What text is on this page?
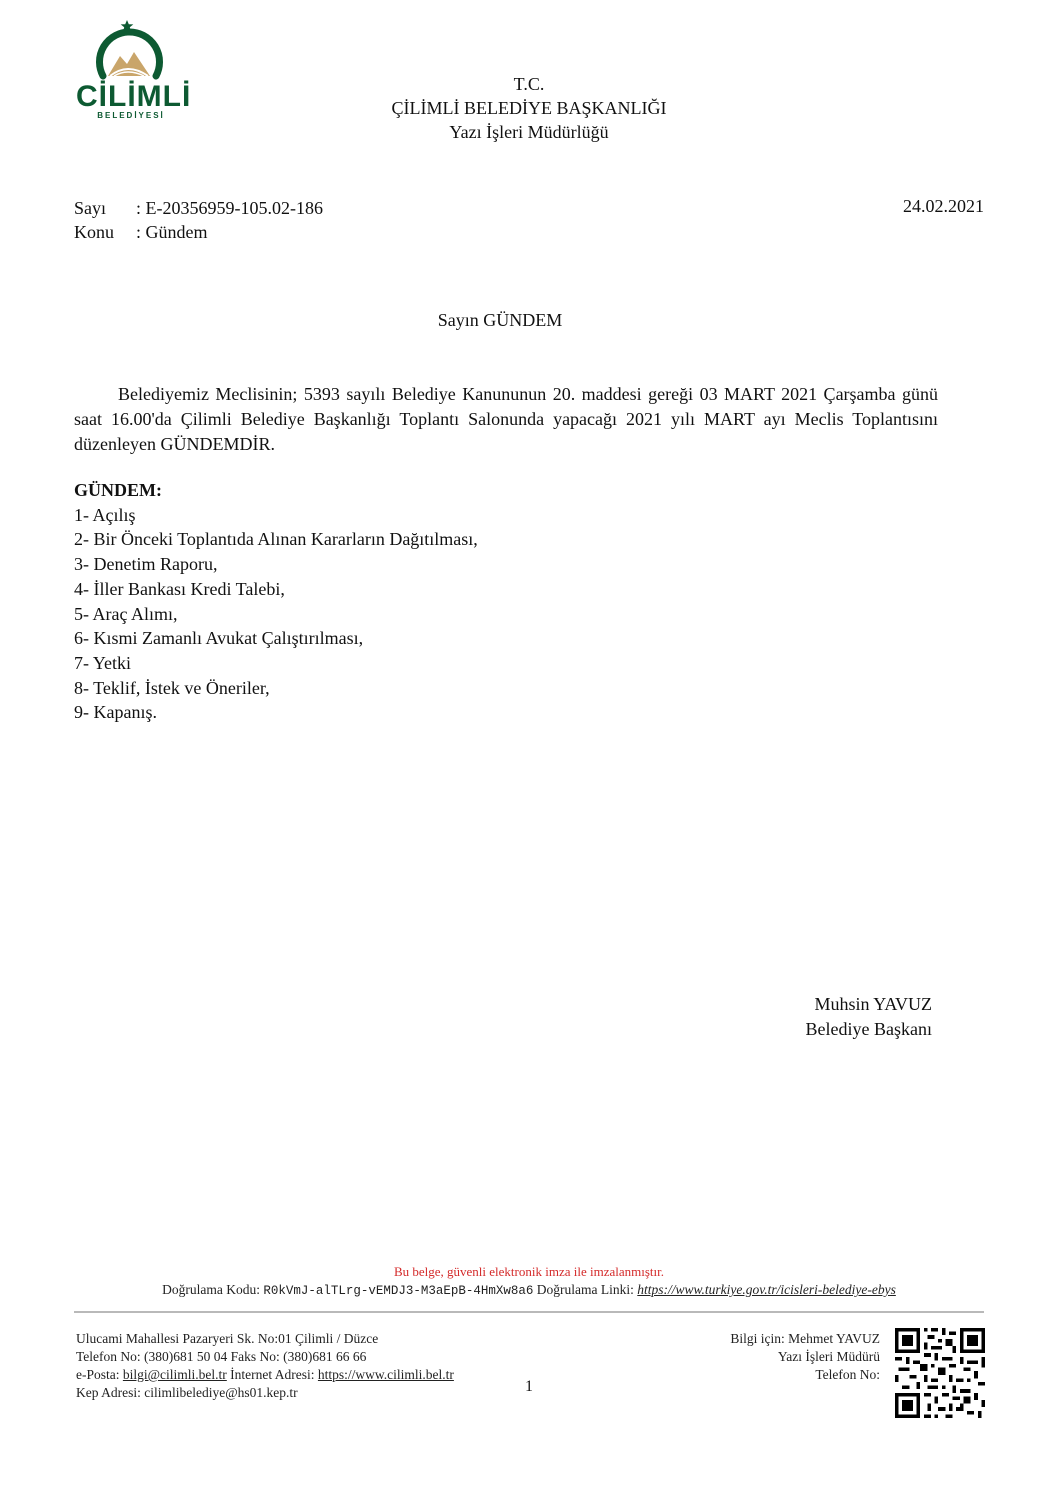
CİLİMLİ
BELEDİYESİ
T.C.
ÇİLİMLİ BELEDİYE BAŞKANLIĞI
Yazı İşleri Müdürlüğü
Sayı : E-20356959-105.02-186
Konu : Gündem
24.02.2021
Sayın GÜNDEM
Belediyemiz Meclisinin; 5393 sayılı Belediye Kanununun 20. maddesi gereği 03 MART 2021 Çarşamba günü saat 16.00'da Çilimli Belediye Başkanlığı Toplantı Salonunda yapacağı 2021 yılı MART ayı Meclis Toplantısını düzenleyen GÜNDEMDİR.
GÜNDEM:
1- Açılış
2- Bir Önceki Toplantıda Alınan Kararların Dağıtılması,
3- Denetim Raporu,
4- İller Bankası Kredi Talebi,
5- Araç Alımı,
6- Kısmi Zamanlı Avukat Çalıştırılması,
7- Yetki
8- Teklif, İstek ve Öneriler,
9- Kapanış.
Muhsin YAVUZ
Belediye Başkanı
Bu belge, güvenli elektronik imza ile imzalanmıştır.
Doğrulama Kodu: R0kVmJ-alTLrg-vEMDJ3-M3aEpB-4HmXw8a6 Doğrulama Linki: https://www.turkiye.gov.tr/icisleri-belediye-ebys
Ulucami Mahallesi Pazaryeri Sk. No:01 Çilimli / Düzce
Telefon No: (380)681 50 04 Faks No: (380)681 66 66
e-Posta: bilgi@cilimli.bel.tr İnternet Adresi: https://www.cilimli.bel.tr
Kep Adresi: cilimlibelediye@hs01.kep.tr
Bilgi için: Mehmet YAVUZ
Yazı İşleri Müdürü
Telefon No:
1
